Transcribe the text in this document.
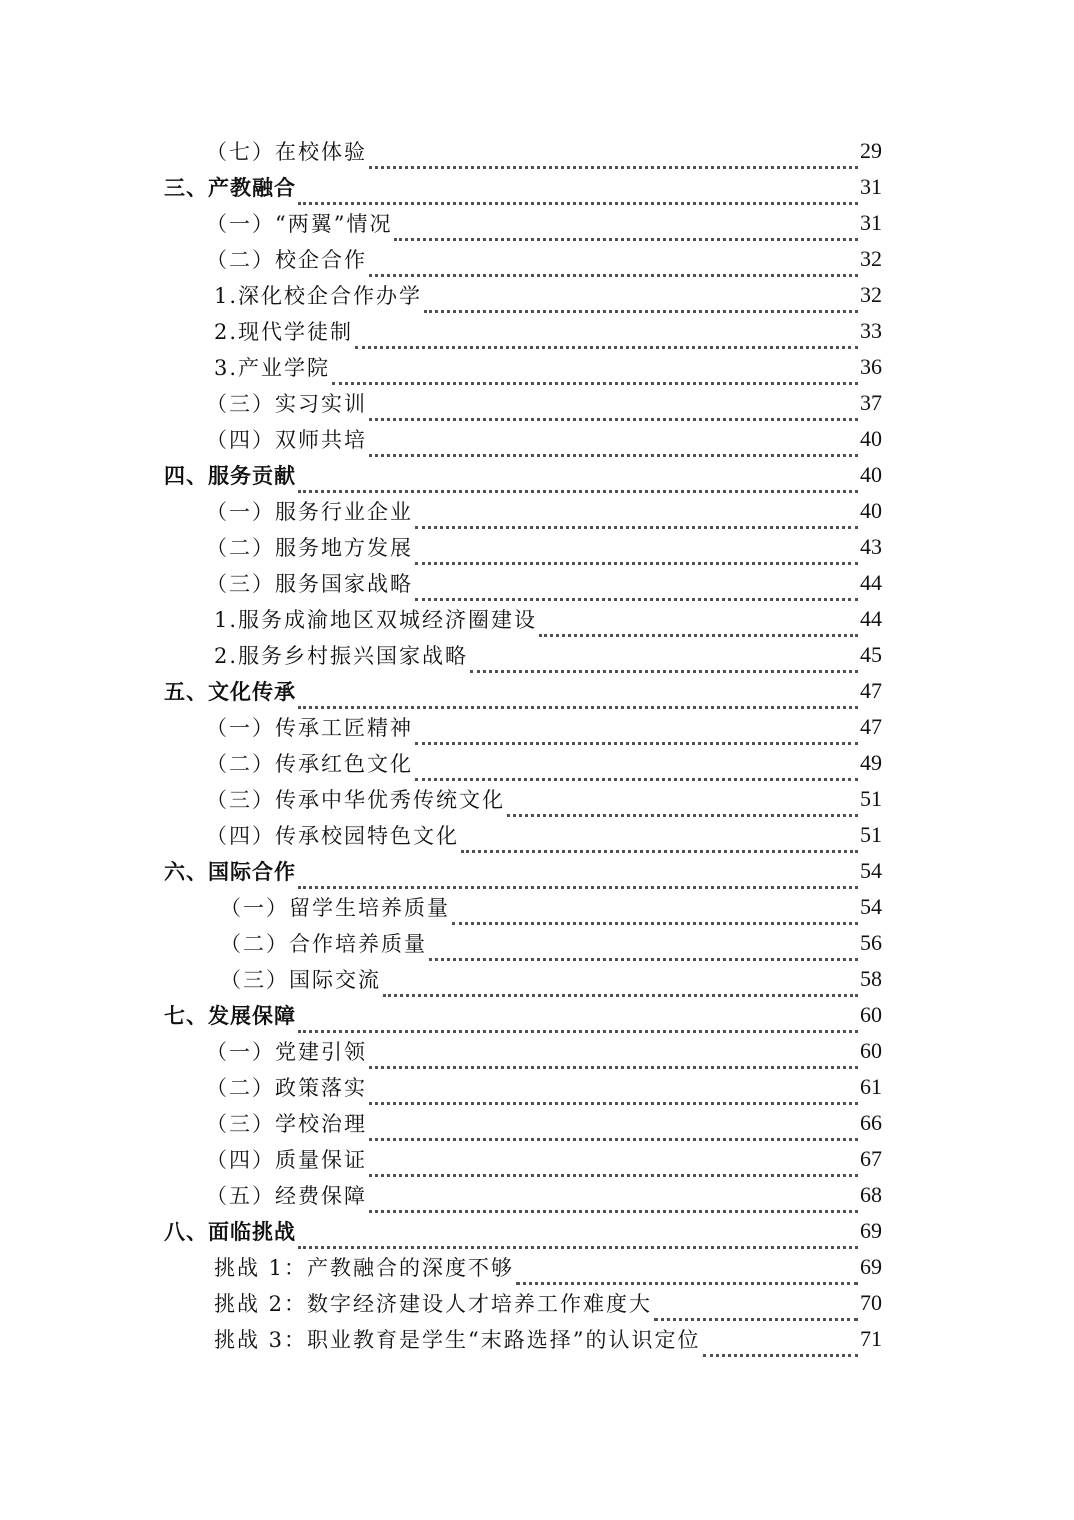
（七）在校体验	29
三、产教融合	31
（一）“两翼”情况	31
（二）校企合作	32
1.深化校企合作办学	32
2.现代学徒制	33
3.产业学院	36
（三）实习实训	37
（四）双师共培	40
四、服务贡献	40
（一）服务行业企业	40
（二）服务地方发展	43
（三）服务国家战略	44
1.服务成渝地区双城经济圈建设	44
2.服务乡村振兴国家战略	45
五、文化传承	47
（一）传承工匠精神	47
（二）传承红色文化	49
（三）传承中华优秀传统文化	51
（四）传承校园特色文化	51
六、国际合作	54
（一）留学生培养质量	54
（二）合作培养质量	56
（三）国际交流	58
七、发展保障	60
（一）党建引领	60
（二）政策落实	61
（三）学校治理	66
（四）质量保证	67
（五）经费保障	68
八、面临挑战	69
挑战 1：产教融合的深度不够	69
挑战 2：数字经济建设人才培养工作难度大	70
挑战 3：职业教育是学生“末路选择”的认识定位	71
